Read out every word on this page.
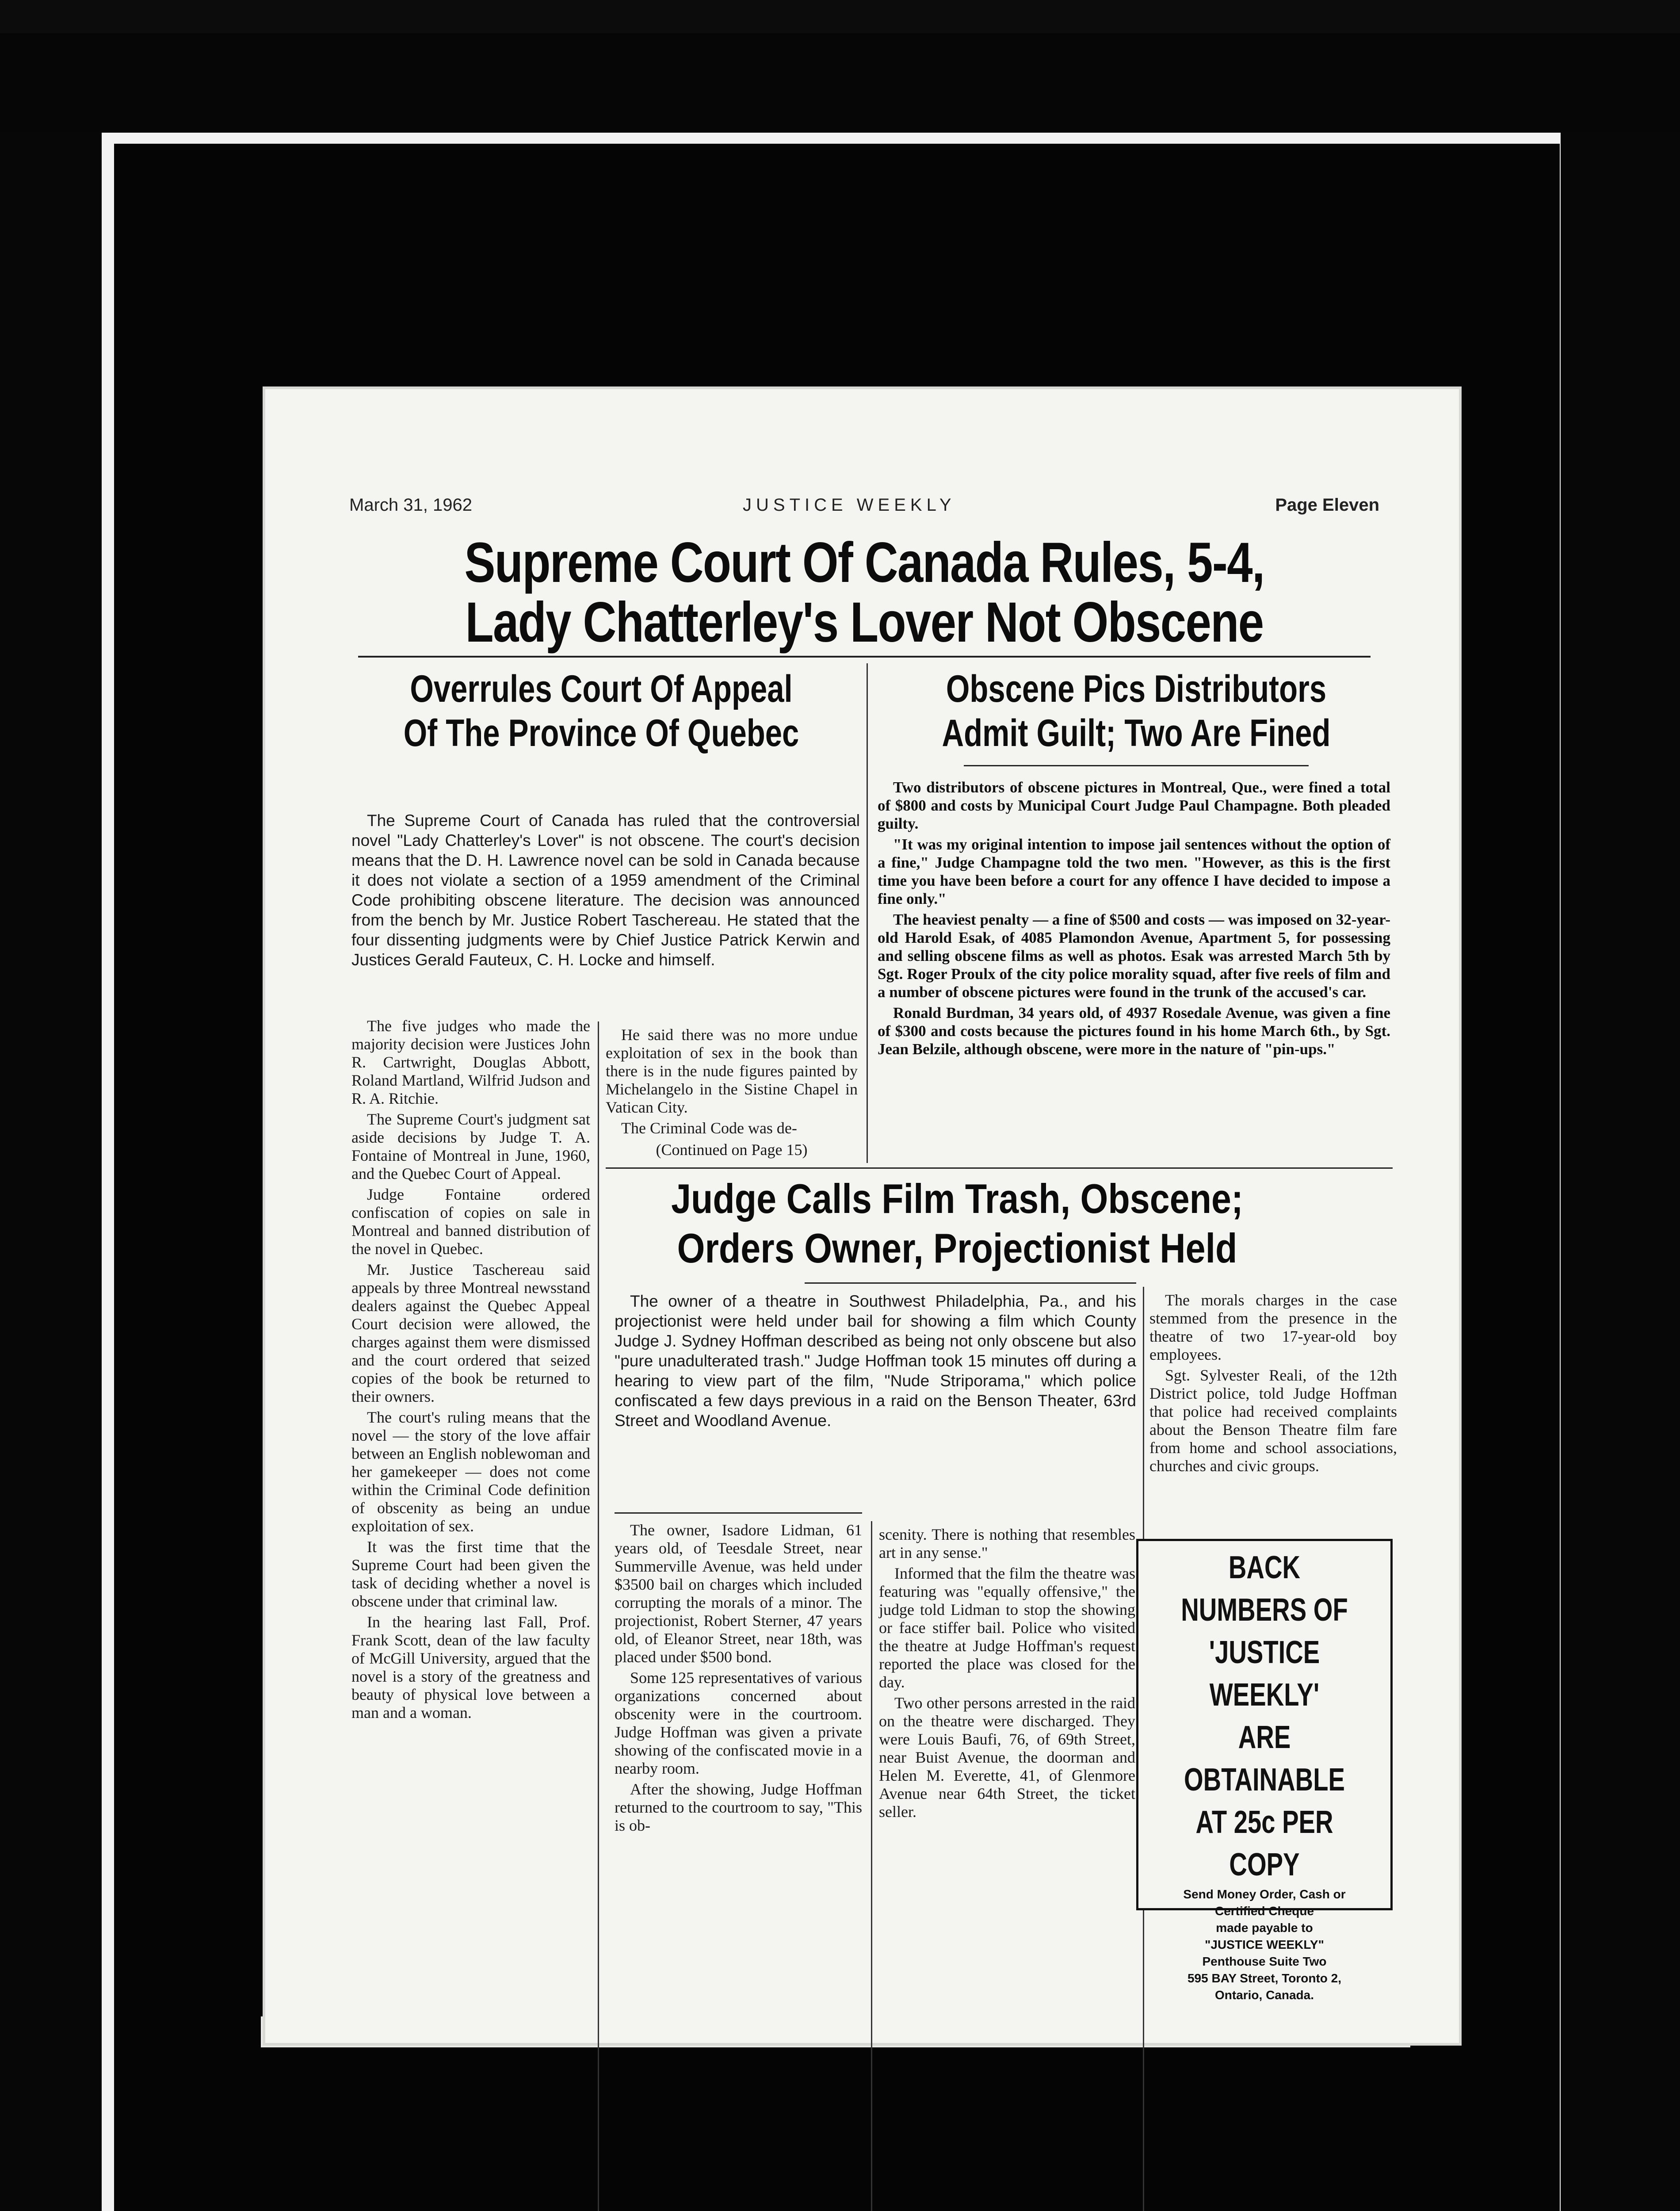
March 31, 1962	JUSTICE WEEKLY	Page Eleven
Supreme Court Of Canada Rules, 5-4,
Lady Chatterley's Lover Not Obscene
Overrules Court Of Appeal
Of The Province Of Quebec
Obscene Pics Distributors
Admit Guilt; Two Are Fined

The Supreme Court of Canada has ruled that the controversial novel "Lady Chatterley's Lover" is not obscene. The court's decision means that the D. H. Lawrence novel can be sold in Canada because it does not violate a section of a 1959 amendment of the Criminal Code prohibiting obscene literature. The decision was announced from the bench by Mr. Justice Robert Taschereau. He stated that the four dissenting judgments were by Chief Justice Patrick Kerwin and Justices Gerald Fauteux, C. H. Locke and himself.

The five judges who made the majority decision were Justices John R. Cartwright, Douglas Abbott, Roland Martland, Wilfrid Judson and R. A. Ritchie.

The Supreme Court's judgment sat aside decisions by Judge T. A. Fontaine of Montreal in June, 1960, and the Quebec Court of Appeal.

Judge Fontaine ordered confiscation of copies on sale in Montreal and banned distribution of the novel in Quebec.

Mr. Justice Taschereau said appeals by three Montreal newsstand dealers against the Quebec Appeal Court decision were allowed, the charges against them were dismissed and the court ordered that seized copies of the book be returned to their owners.

The court's ruling means that the novel — the story of the love affair between an English noblewoman and her gamekeeper — does not come within the Criminal Code definition of obscenity as being an undue exploitation of sex.

It was the first time that the Supreme Court had been given the task of deciding whether a novel is obscene under that criminal law.

In the hearing last Fall, Prof. Frank Scott, dean of the law faculty of McGill University, argued that the novel is a story of the greatness and beauty of physical love between a man and a woman.

He said there was no more undue exploitation of sex in the book than there is in the nude figures painted by Michelangelo in the Sistine Chapel in Vatican City.

The Criminal Code was de-

(Continued on Page 15)

Two distributors of obscene pictures in Montreal, Que., were fined a total of $800 and costs by Municipal Court Judge Paul Champagne. Both pleaded guilty.

"It was my original intention to impose jail sentences without the option of a fine," Judge Champagne told the two men. "However, as this is the first time you have been before a court for any offence I have decided to impose a fine only."

The heaviest penalty — a fine of $500 and costs — was imposed on 32-year-old Harold Esak, of 4085 Plamondon Avenue, Apartment 5, for possessing and selling obscene films as well as photos. Esak was arrested March 5th by Sgt. Roger Proulx of the city police morality squad, after five reels of film and a number of obscene pictures were found in the trunk of the accused's car.

Ronald Burdman, 34 years old, of 4937 Rosedale Avenue, was given a fine of $300 and costs because the pictures found in his home March 6th., by Sgt. Jean Belzile, although obscene, were more in the nature of "pin-ups."

Judge Calls Film Trash, Obscene;
Orders Owner, Projectionist Held

The owner of a theatre in Southwest Philadelphia, Pa., and his projectionist were held under bail for showing a film which County Judge J. Sydney Hoffman described as being not only obscene but also "pure unadulterated trash." Judge Hoffman took 15 minutes off during a hearing to view part of the film, "Nude Striporama," which police confiscated a few days previous in a raid on the Benson Theater, 63rd Street and Woodland Avenue.

The morals charges in the case stemmed from the presence in the theatre of two 17-year-old boy employees.

Sgt. Sylvester Reali, of the 12th District police, told Judge Hoffman that police had received complaints about the Benson Theatre film fare from home and school associations, churches and civic groups.

The owner, Isadore Lidman, 61 years old, of Teesdale Street, near Summerville Avenue, was held under $3500 bail on charges which included corrupting the morals of a minor. The projectionist, Robert Sterner, 47 years old, of Eleanor Street, near 18th, was placed under $500 bond.

Some 125 representatives of various organizations concerned about obscenity were in the courtroom. Judge Hoffman was given a private showing of the confiscated movie in a nearby room.

After the showing, Judge Hoffman returned to the courtroom to say, "This is ob-

scenity. There is nothing that resembles art in any sense."

Informed that the film the theatre was featuring was "equally offensive," the judge told Lidman to stop the showing or face stiffer bail. Police who visited the theatre at Judge Hoffman's request reported the place was closed for the day.

Two other persons arrested in the raid on the theatre were discharged. They were Louis Baufi, 76, of 69th Street, near Buist Avenue, the doorman and Helen M. Everette, 41, of Glenmore Avenue near 64th Street, the ticket seller.

BACK NUMBERS OF
'JUSTICE WEEKLY'
ARE OBTAINABLE
AT 25c PER COPY
Send Money Order, Cash or
Certified Cheque
made payable to
"JUSTICE WEEKLY"
Penthouse Suite Two
595 BAY Street, Toronto 2,
Ontario, Canada.
